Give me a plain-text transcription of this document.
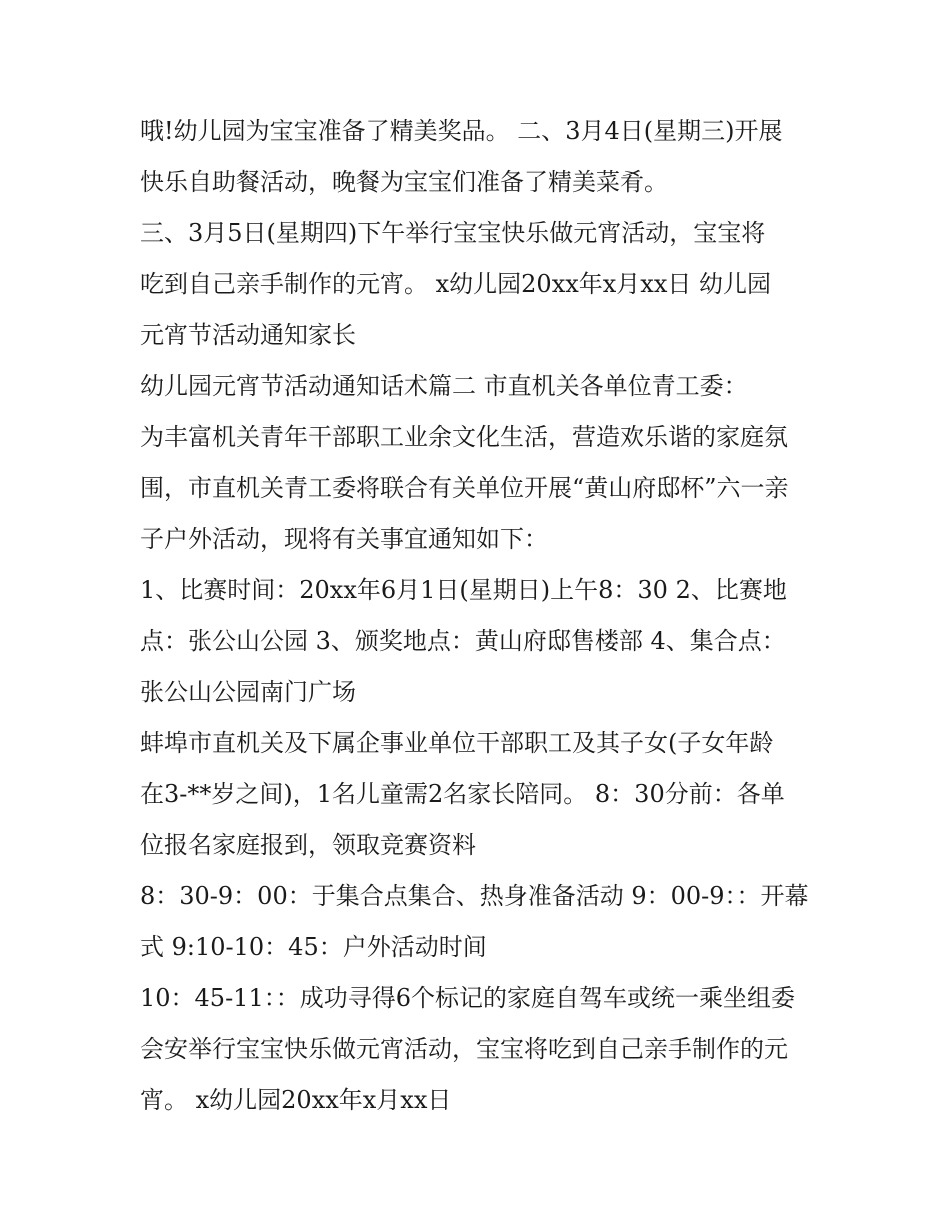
哦!幼儿园为宝宝准备了精美奖品。 二、3月4日(星期三)开展
快乐自助餐活动，晚餐为宝宝们准备了精美菜肴。
三、3月5日(星期四)下午举行宝宝快乐做元宵活动，宝宝将
吃到自己亲手制作的元宵。 x幼儿园20xx年x月xx日 幼儿园
元宵节活动通知家长
幼儿园元宵节活动通知话术篇二 市直机关各单位青工委：
为丰富机关青年干部职工业余文化生活，营造欢乐谐的家庭氛
围，市直机关青工委将联合有关单位开展“黄山府邸杯”六一亲
子户外活动，现将有关事宜通知如下：
1、比赛时间：20xx年6月1日(星期日)上午8：30 2、比赛地
点：张公山公园 3、颁奖地点：黄山府邸售楼部 4、集合点：
张公山公园南门广场
蚌埠市直机关及下属企事业单位干部职工及其子女(子女年龄
在3-**岁之间)，1名儿童需2名家长陪同。 8：30分前：各单
位报名家庭报到，领取竞赛资料
8：30-9：00：于集合点集合、热身准备活动 9：00-9：：开幕
式 9:10-10：45：户外活动时间
10：45-11：：成功寻得6个标记的家庭自驾车或统一乘坐组委
会安举行宝宝快乐做元宵活动，宝宝将吃到自己亲手制作的元
宵。 x幼儿园20xx年x月xx日
